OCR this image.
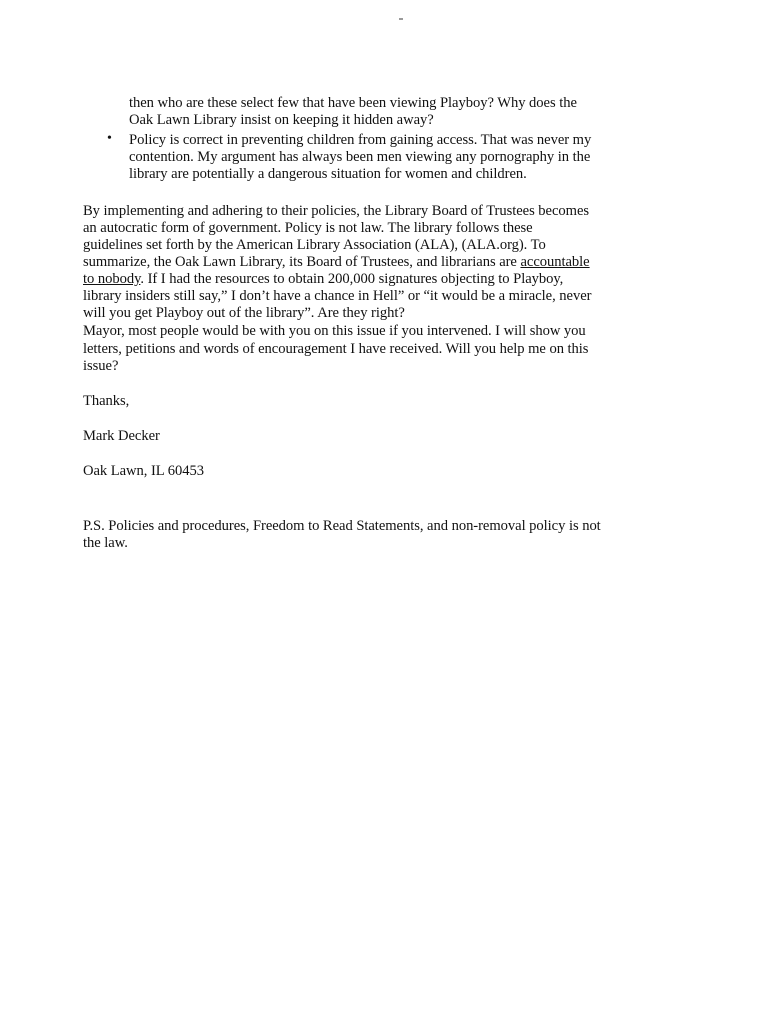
then who are these select few that have been viewing Playboy? Why does the
Oak Lawn Library insist on keeping it hidden away?
• Policy is correct in preventing children from gaining access. That was never my
contention. My argument has always been men viewing any pornography in the
library are potentially a dangerous situation for women and children.
By implementing and adhering to their policies, the Library Board of Trustees becomes
an autocratic form of government. Policy is not law. The library follows these
guidelines set forth by the American Library Association (ALA), (ALA.org). To
summarize, the Oak Lawn Library, its Board of Trustees, and librarians are accountable
to nobody. If I had the resources to obtain 200,000 signatures objecting to Playboy,
library insiders still say,” I don’t have a chance in Hell” or “it would be a miracle, never
will you get Playboy out of the library”. Are they right?
Mayor, most people would be with you on this issue if you intervened. I will show you
letters, petitions and words of encouragement I have received. Will you help me on this
issue?
Thanks,
Mark Decker
Oak Lawn, IL 60453
P.S. Policies and procedures, Freedom to Read Statements, and non-removal policy is not
the law.
